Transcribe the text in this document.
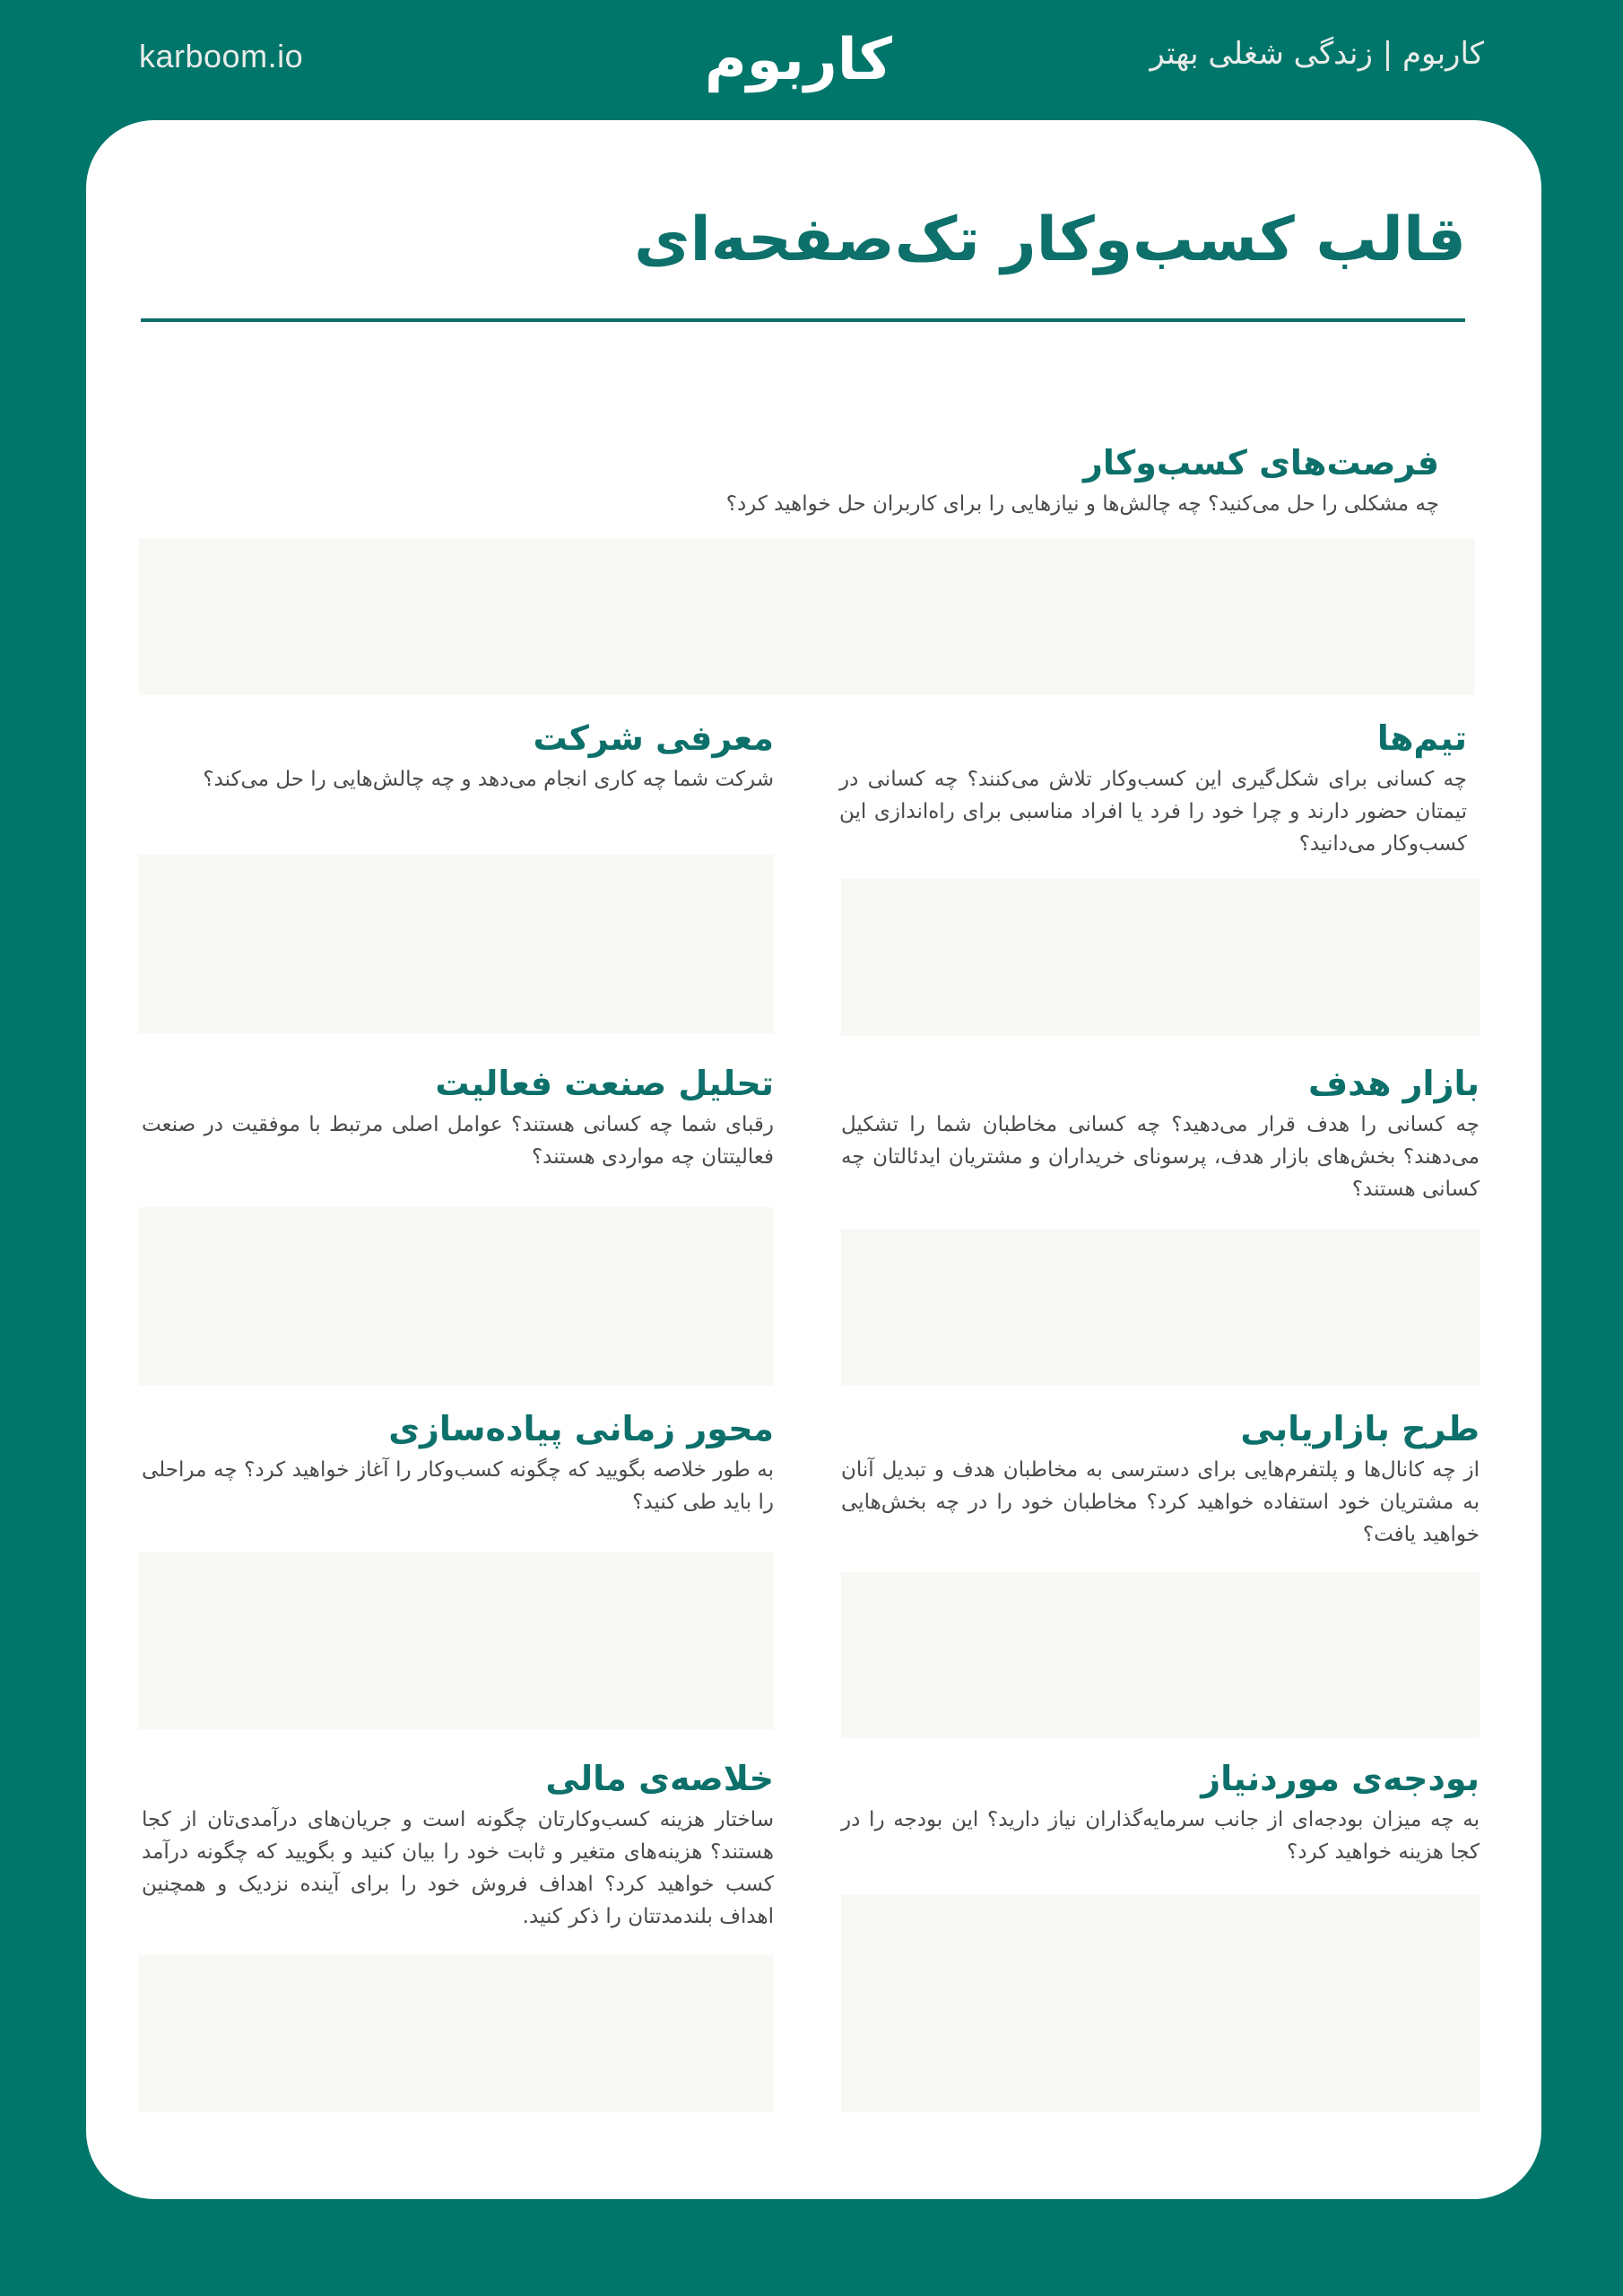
karboom.io	کاربوم	کاربوم | زندگی شغلی بهتر
قالب کسب‌وکار تک‌صفحه‌ای
فرصت‌های کسب‌وکار

چه مشکلی را حل می‌کنید؟ چه چالش‌ها و نیازهایی را برای کاربران حل خواهید کرد؟

تیم‌ها

چه کسانی برای شکل‌گیری این کسب‌وکار تلاش می‌کنند؟ چه کسانی در تیمتان حضور دارند و چرا خود را فرد یا افراد مناسبی برای راه‌اندازی این کسب‌وکار می‌دانید؟

معرفی شرکت

شرکت شما چه کاری انجام می‌دهد و چه چالش‌هایی را حل می‌کند؟

بازار هدف

چه کسانی را هدف قرار می‌دهید؟ چه کسانی مخاطبان شما را تشکیل می‌دهند؟ بخش‌های بازار هدف، پرسونای خریداران و مشتریان ایدئالتان چه کسانی هستند؟

تحلیل صنعت فعالیت

رقبای شما چه کسانی هستند؟ عوامل اصلی مرتبط با موفقیت در صنعت فعالیتتان چه مواردی هستند؟

طرح بازاریابی

از چه کانال‌ها و پلتفرم‌هایی برای دسترسی به مخاطبان هدف و تبدیل آنان به مشتریان خود استفاده خواهید کرد؟ مخاطبان خود را در چه بخش‌هایی خواهید یافت؟

محور زمانی پیاده‌سازی

به طور خلاصه بگویید که چگونه کسب‌وکار را آغاز خواهید کرد؟ چه مراحلی را باید طی کنید؟

بودجه‌ی موردنیاز

به چه میزان بودجه‌ای از جانب سرمایه‌گذاران نیاز دارید؟ این بودجه را در کجا هزینه خواهید کرد؟

خلاصه‌ی مالی

ساختار هزینه کسب‌وکارتان چگونه است و جریان‌های درآمدی‌تان از کجا هستند؟ هزینه‌های متغیر و ثابت خود را بیان کنید و بگویید که چگونه درآمد کسب خواهید کرد؟ اهداف فروش خود را برای آینده نزدیک و همچنین اهداف بلندمدتتان را ذکر کنید.
